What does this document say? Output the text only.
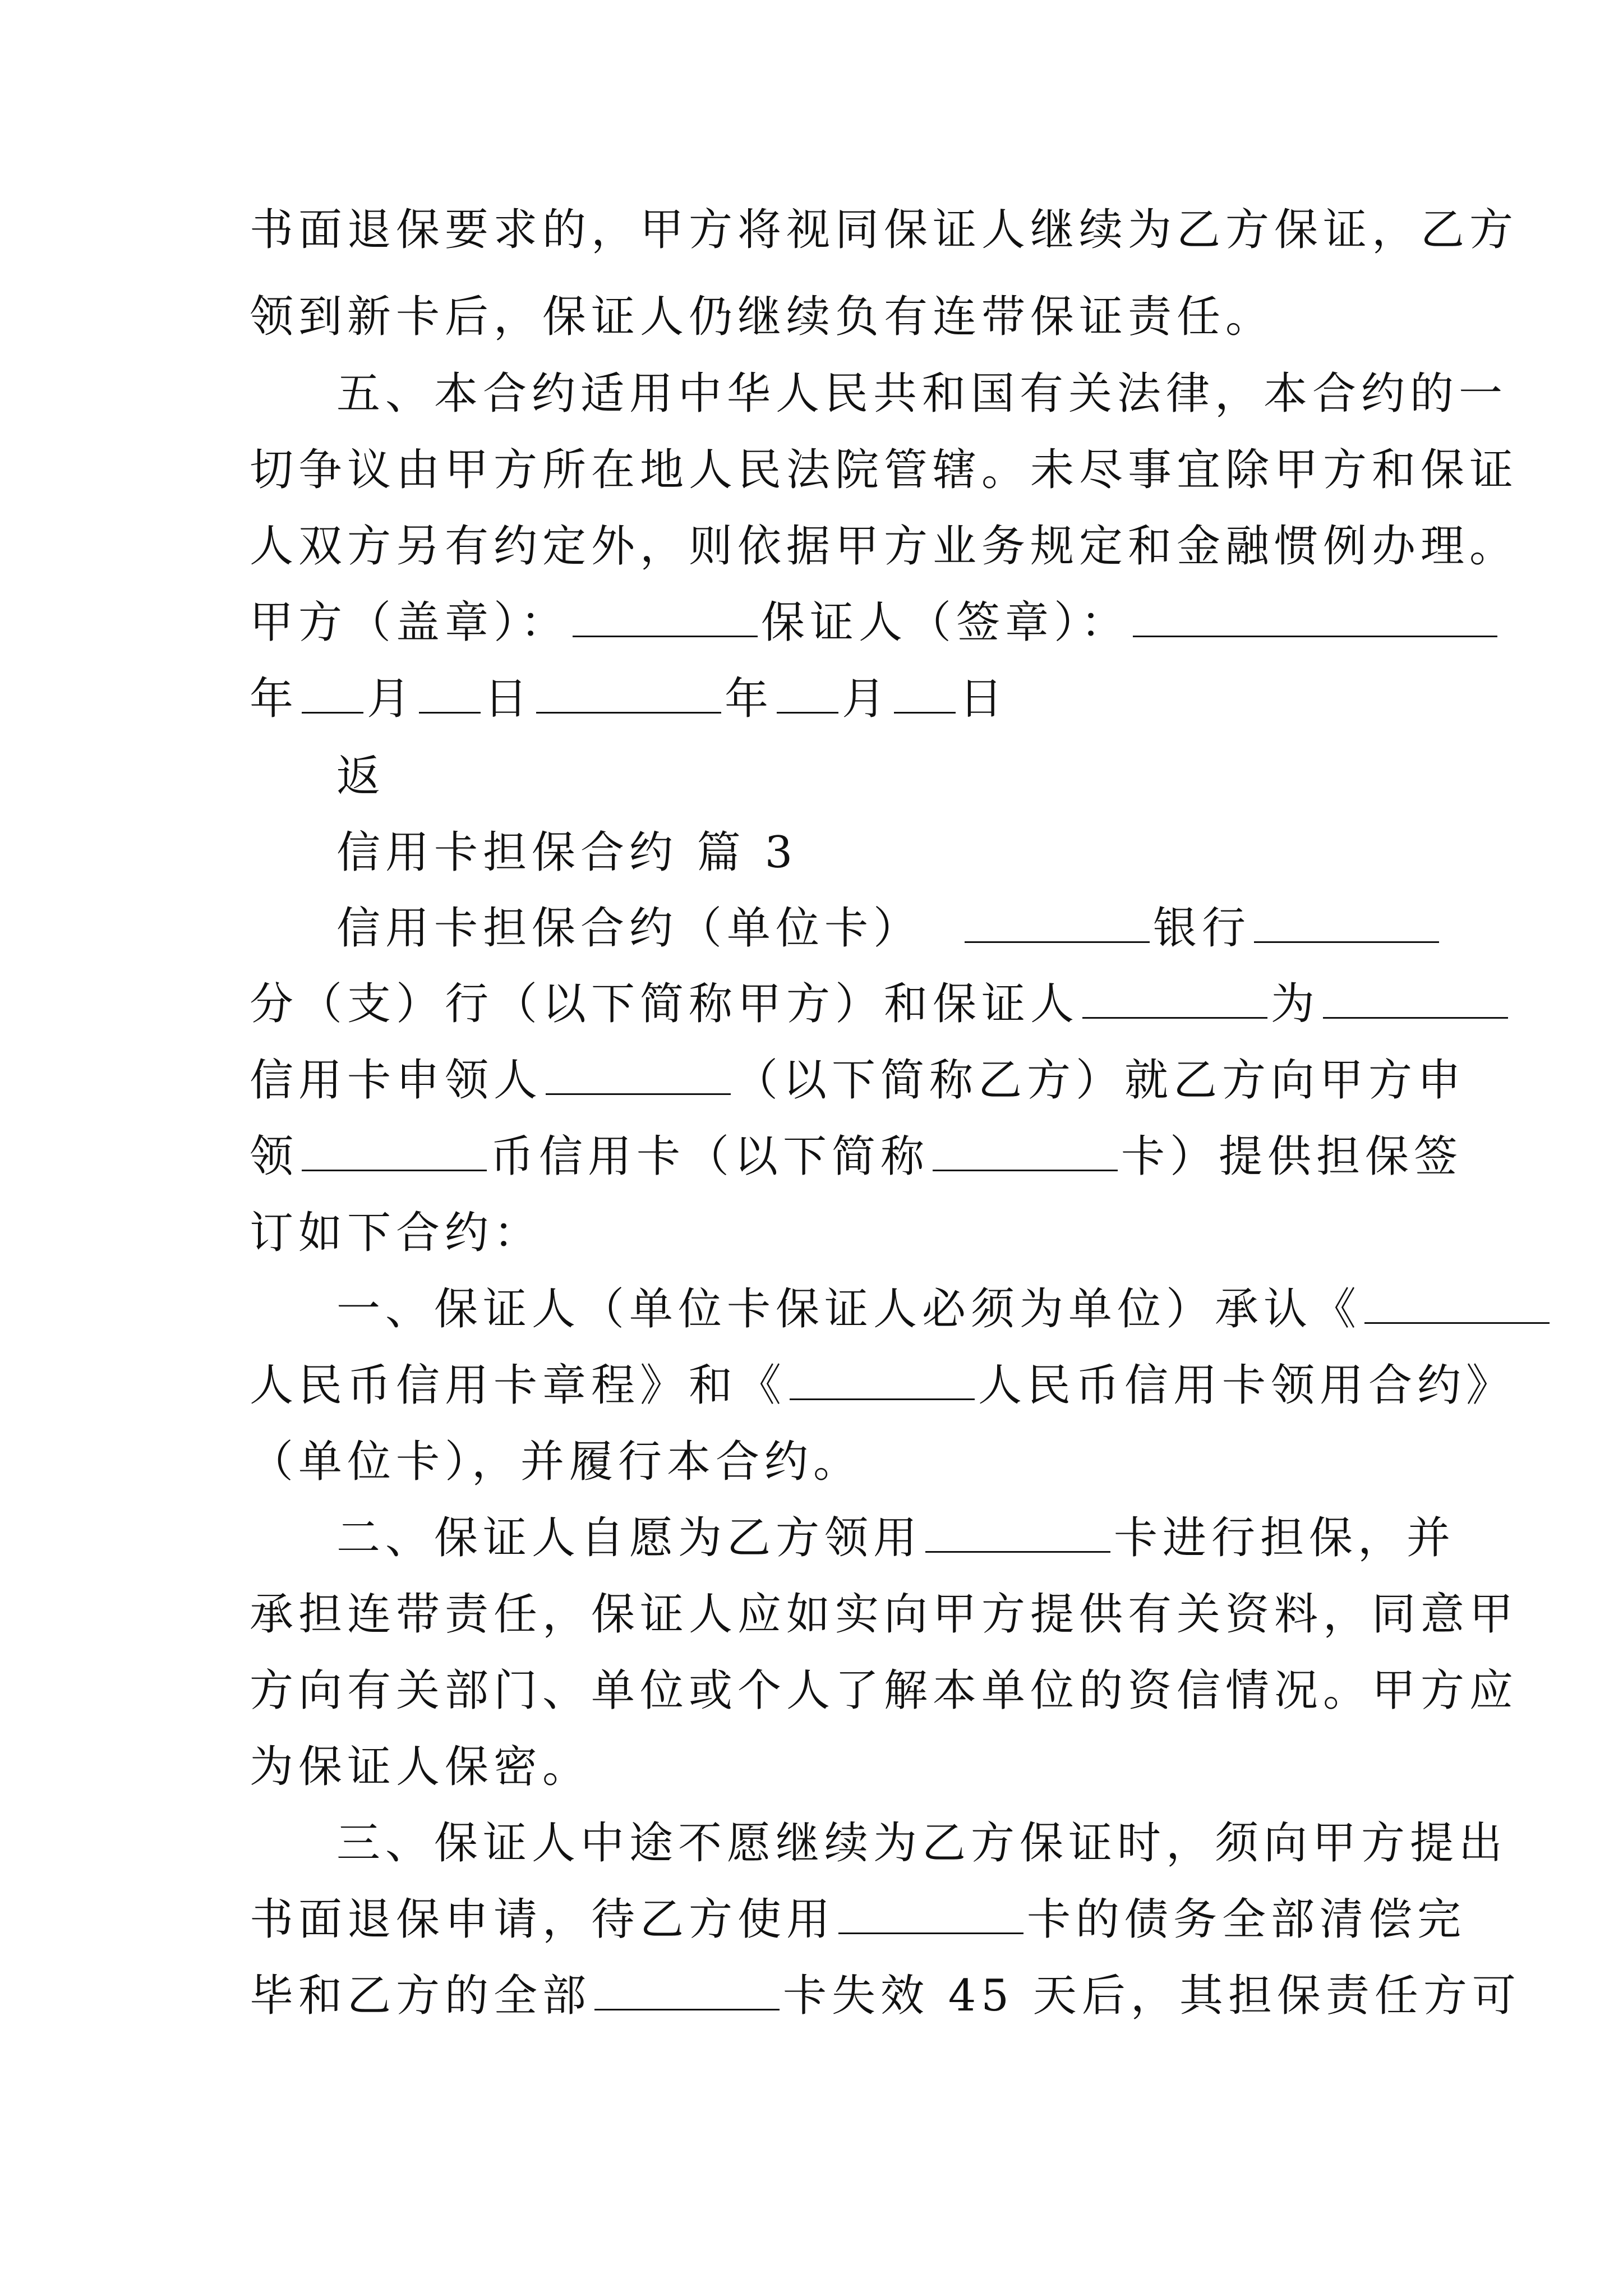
书面退保要求的，甲方将视同保证人继续为乙方保证，乙方
领到新卡后，保证人仍继续负有连带保证责任。
五、本合约适用中华人民共和国有关法律，本合约的一
切争议由甲方所在地人民法院管辖。未尽事宜除甲方和保证
人双方另有约定外，则依据甲方业务规定和金融惯例办理。
甲方（盖章）：	保证人（签章）：
年 月 日	年 月 日
返
信用卡担保合约 篇 3
信用卡担保合约（单位卡）	银行
分（支）行（以下简称甲方）和保证人	为
信用卡申领人	（以下简称乙方）就乙方向甲方申
领	币信用卡（以下简称	卡）提供担保签
订如下合约：
一、保证人（单位卡保证人必须为单位）承认《
人民币信用卡章程》和《	人民币信用卡领用合约》
（单位卡），并履行本合约。
二、保证人自愿为乙方领用	卡进行担保，并
承担连带责任，保证人应如实向甲方提供有关资料，同意甲
方向有关部门、单位或个人了解本单位的资信情况。甲方应
为保证人保密。
三、保证人中途不愿继续为乙方保证时，须向甲方提出
书面退保申请，待乙方使用	卡的债务全部清偿完
毕和乙方的全部	卡失效 45 天后，其担保责任方可
